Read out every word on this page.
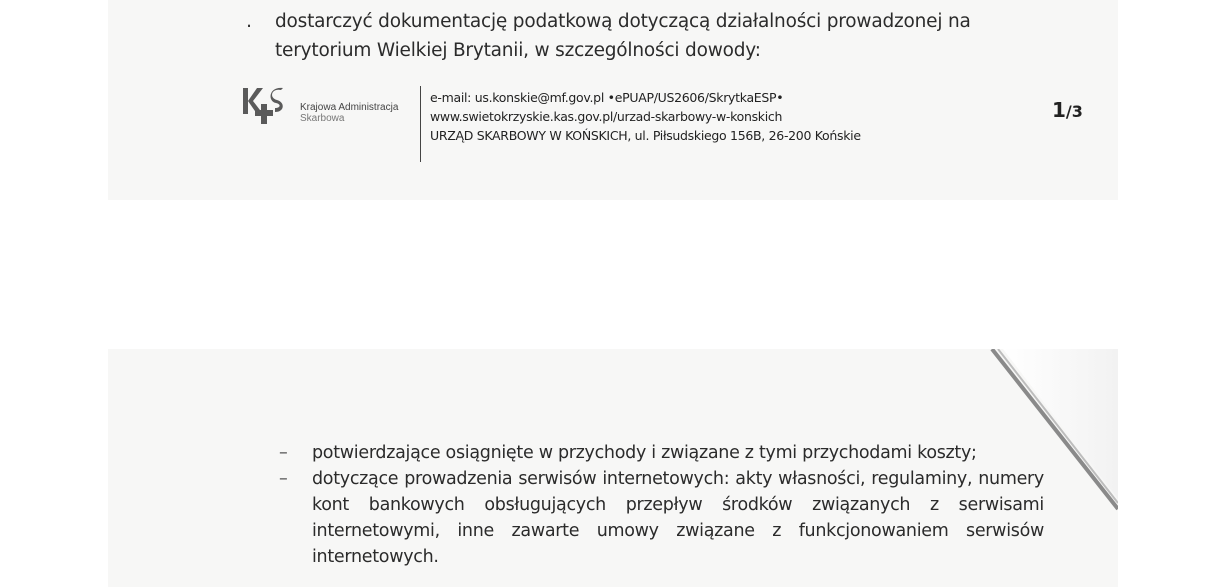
. dostarczyć dokumentację podatkową dotyczącą działalności prowadzonej na terytorium Wielkiej Brytanii, w szczególności dowody:
Krajowa Administracja
Skarbowa
e-mail: us.konskie@mf.gov.pl •ePUAP/US2606/SkrytkaESP•
www.swietokrzyskie.kas.gov.pl/urzad-skarbowy-w-konskich
URZĄD SKARBOWY W KOŃSKICH, ul. Piłsudskiego 156B, 26-200 Końskie
1/3
– potwierdzające osiągnięte w przychody i związane z tymi przychodami koszty;
– dotyczące prowadzenia serwisów internetowych: akty własności, regulaminy, numery kont bankowych obsługujących przepływ środków związanych z serwisami internetowymi, inne zawarte umowy związane z funkcjonowaniem serwisów internetowych.
